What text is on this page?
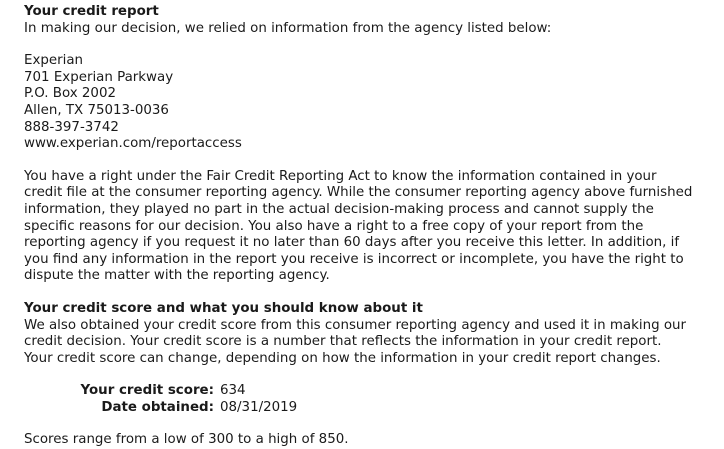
Your credit report

In making our decision, we relied on information from the agency listed below:

Experian
701 Experian Parkway
P.O. Box 2002
Allen, TX 75013-0036
888-397-3742
www.experian.com/reportaccess

You have a right under the Fair Credit Reporting Act to know the information contained in your
credit file at the consumer reporting agency. While the consumer reporting agency above furnished
information, they played no part in the actual decision-making process and cannot supply the
specific reasons for our decision. You also have a right to a free copy of your report from the
reporting agency if you request it no later than 60 days after you receive this letter. In addition, if
you find any information in the report you receive is incorrect or incomplete, you have the right to
dispute the matter with the reporting agency.

Your credit score and what you should know about it
We also obtained your credit score from this consumer reporting agency and used it in making our
credit decision. Your credit score is a number that reflects the information in your credit report.
Your credit score can change, depending on how the information in your credit report changes.
Your credit score: 634
Date obtained: 08/31/2019
Scores range from a low of 300 to a high of 850.
